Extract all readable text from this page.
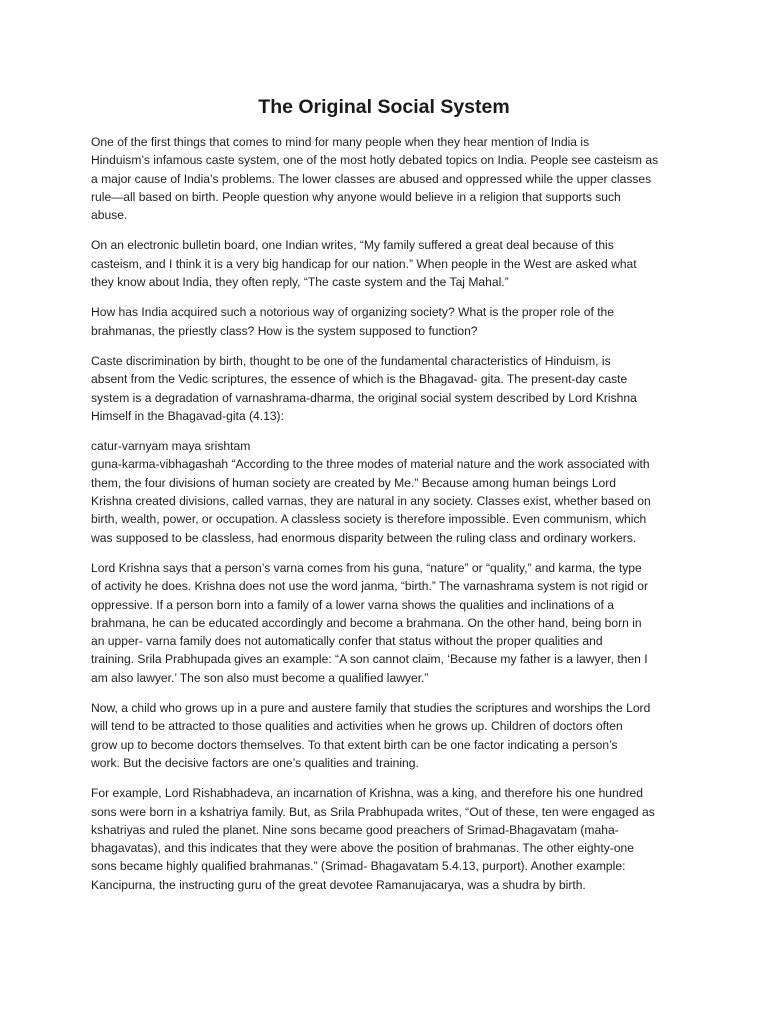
The Original Social System

One of the first things that comes to mind for many people when they hear mention of India is
Hinduism’s infamous caste system, one of the most hotly debated topics on India. People see casteism as
a major cause of India’s problems. The lower classes are abused and oppressed while the upper classes
rule—all based on birth. People question why anyone would believe in a religion that supports such
abuse.

On an electronic bulletin board, one Indian writes, “My family suffered a great deal because of this
casteism, and I think it is a very big handicap for our nation.” When people in the West are asked what
they know about India, they often reply, “The caste system and the Taj Mahal.”

How has India acquired such a notorious way of organizing society? What is the proper role of the
brahmanas, the priestly class? How is the system supposed to function?

Caste discrimination by birth, thought to be one of the fundamental characteristics of Hinduism, is
absent from the Vedic scriptures, the essence of which is the Bhagavad- gita. The present-day caste
system is a degradation of varnashrama-dharma, the original social system described by Lord Krishna
Himself in the Bhagavad-gita (4.13):

catur-varnyam maya srishtam

guna-karma-vibhagashah “According to the three modes of material nature and the work associated with
them, the four divisions of human society are created by Me.” Because among human beings Lord
Krishna created divisions, called varnas, they are natural in any society. Classes exist, whether based on
birth, wealth, power, or occupation. A classless society is therefore impossible. Even communism, which
was supposed to be classless, had enormous disparity between the ruling class and ordinary workers.

Lord Krishna says that a person’s varna comes from his guna, “nature” or “quality,” and karma, the type
of activity he does. Krishna does not use the word janma, “birth.” The varnashrama system is not rigid or
oppressive. If a person born into a family of a lower varna shows the qualities and inclinations of a
brahmana, he can be educated accordingly and become a brahmana. On the other hand, being born in
an upper- varna family does not automatically confer that status without the proper qualities and
training. Srila Prabhupada gives an example: “A son cannot claim, ‘Because my father is a lawyer, then I
am also lawyer.’ The son also must become a qualified lawyer.”

Now, a child who grows up in a pure and austere family that studies the scriptures and worships the Lord
will tend to be attracted to those qualities and activities when he grows up. Children of doctors often
grow up to become doctors themselves. To that extent birth can be one factor indicating a person’s
work. But the decisive factors are one’s qualities and training.

For example, Lord Rishabhadeva, an incarnation of Krishna, was a king, and therefore his one hundred
sons were born in a kshatriya family. But, as Srila Prabhupada writes, “Out of these, ten were engaged as
kshatriyas and ruled the planet. Nine sons became good preachers of Srimad-Bhagavatam (maha-
bhagavatas), and this indicates that they were above the position of brahmanas. The other eighty-one
sons became highly qualified brahmanas.” (Srimad- Bhagavatam 5.4.13, purport). Another example:
Kancipurna, the instructing guru of the great devotee Ramanujacarya, was a shudra by birth.
